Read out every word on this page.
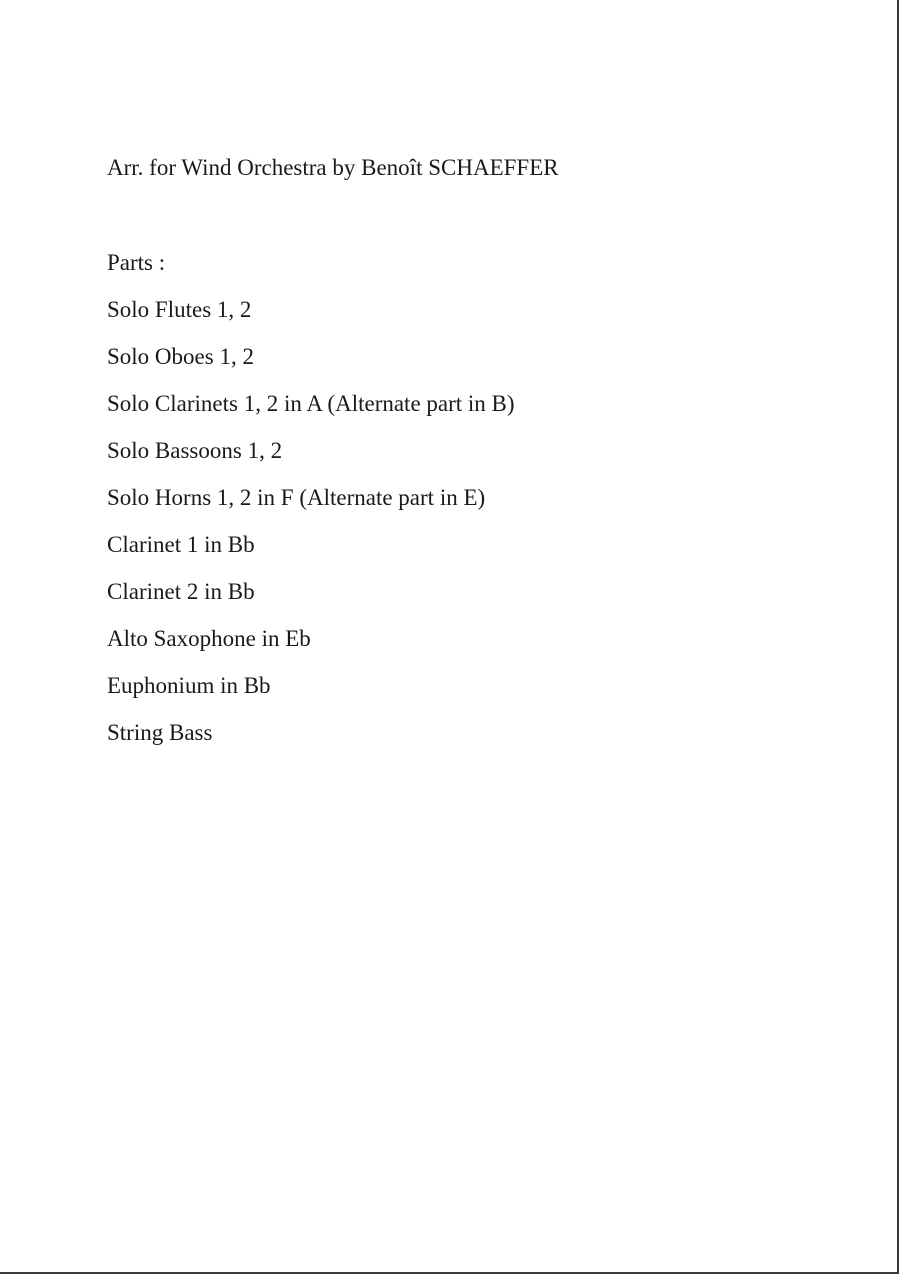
Arr. for Wind Orchestra by Benoît SCHAEFFER
Parts :
Solo Flutes 1, 2
Solo Oboes 1, 2
Solo Clarinets 1, 2 in A (Alternate part in B)
Solo Bassoons 1, 2
Solo Horns 1, 2 in F (Alternate part in E)
Clarinet 1 in Bb
Clarinet 2 in Bb
Alto Saxophone in Eb
Euphonium in Bb
String Bass
